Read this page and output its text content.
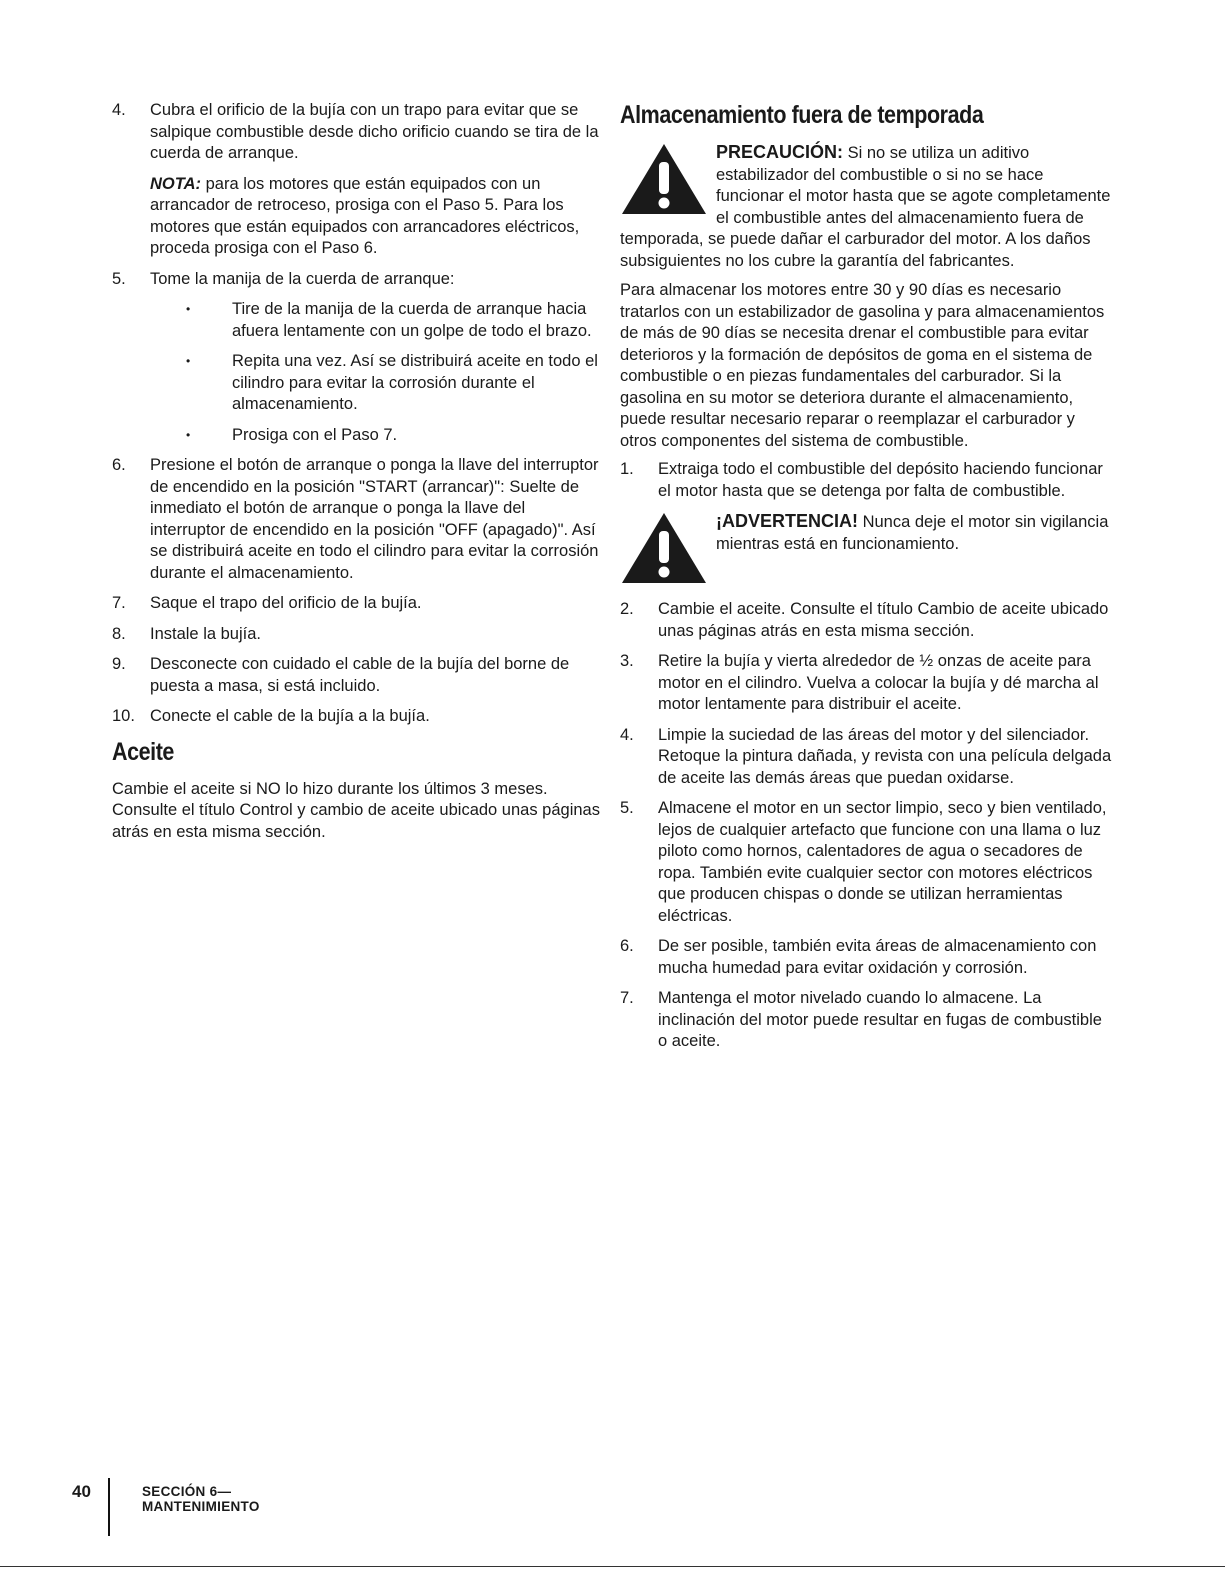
4. Cubra el orificio de la bujía con un trapo para evitar que se salpique combustible desde dicho orificio cuando se tira de la cuerda de arranque.
NOTA: para los motores que están equipados con un arrancador de retroceso, prosiga con el Paso 5. Para los motores que están equipados con arrancadores eléctricos, proceda prosiga con el Paso 6.
5. Tome la manija de la cuerda de arranque:
•	Tire de la manija de la cuerda de arranque hacia afuera lentamente con un golpe de todo el brazo.
•	Repita una vez. Así se distribuirá aceite en todo el cilindro para evitar la corrosión durante el almacenamiento.
•	Prosiga con el Paso 7.
6. Presione el botón de arranque o ponga la llave del interruptor de encendido en la posición "START (arrancar)": Suelte de inmediato el botón de arranque o ponga la llave del interruptor de encendido en la posición "OFF (apagado)". Así se distribuirá aceite en todo el cilindro para evitar la corrosión durante el almacenamiento.
7. Saque el trapo del orificio de la bujía.
8. Instale la bujía.
9. Desconecte con cuidado el cable de la bujía del borne de puesta a masa, si está incluido.
10. Conecte el cable de la bujía a la bujía.
Aceite

Cambie el aceite si NO lo hizo durante los últimos 3 meses. Consulte el título Control y cambio de aceite ubicado unas páginas atrás en esta misma sección.

Almacenamiento fuera de temporada
PRECAUCIÓN: Si no se utiliza un aditivo estabilizador del combustible o si no se hace funcionar el motor hasta que se agote completamente el combustible antes del almacenamiento fuera de temporada, se puede dañar el carburador del motor. A los daños subsiguientes no los cubre la garantía del fabricantes.

Para almacenar los motores entre 30 y 90 días es necesario tratarlos con un estabilizador de gasolina y para almacenamientos de más de 90 días se necesita drenar el combustible para evitar deterioros y la formación de depósitos de goma en el sistema de combustible o en piezas fundamentales del carburador. Si la gasolina en su motor se deteriora durante el almacenamiento, puede resultar necesario reparar o reemplazar el carburador y otros componentes del sistema de combustible.

1. Extraiga todo el combustible del depósito haciendo funcionar el motor hasta que se detenga por falta de combustible.
¡ADVERTENCIA! Nunca deje el motor sin vigilancia mientras está en funcionamiento.
2. Cambie el aceite. Consulte el título Cambio de aceite ubicado unas páginas atrás en esta misma sección.
3. Retire la bujía y vierta alrededor de ½ onzas de aceite para motor en el cilindro. Vuelva a colocar la bujía y dé marcha al motor lentamente para distribuir el aceite.
4. Limpie la suciedad de las áreas del motor y del silenciador. Retoque la pintura dañada, y revista con una película delgada de aceite las demás áreas que puedan oxidarse.
5. Almacene el motor en un sector limpio, seco y bien ventilado, lejos de cualquier artefacto que funcione con una llama o luz piloto como hornos, calentadores de agua o secadores de ropa. También evite cualquier sector con motores eléctricos que producen chispas o donde se utilizan herramientas eléctricas.
6. De ser posible, también evita áreas de almacenamiento con mucha humedad para evitar oxidación y corrosión.
7. Mantenga el motor nivelado cuando lo almacene. La inclinación del motor puede resultar en fugas de combustible o aceite.
40	SECCIÓN 6— MANTENIMIENTO
